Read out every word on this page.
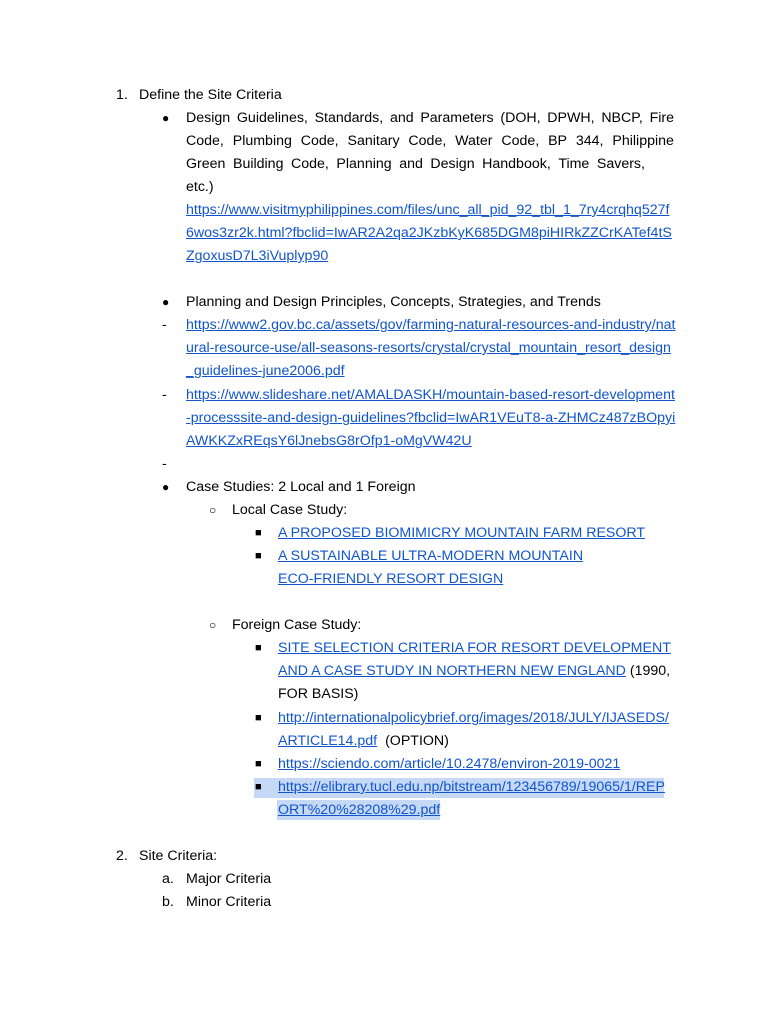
1. Define the Site Criteria
● Design Guidelines, Standards, and Parameters (DOH, DPWH, NBCP, Fire
Code, Plumbing Code, Sanitary Code, Water Code, BP 344, Philippine
Green Building Code, Planning and Design Handbook, Time Savers,
etc.)
https://www.visitmyphilippines.com/files/unc_all_pid_92_tbl_1_7ry4crqhq527f
6wos3zr2k.html?fbclid=IwAR2A2qa2JKzbKyK685DGM8piHIRkZZCrKATef4tS
ZgoxusD7L3iVuplyp90
● Planning and Design Principles, Concepts, Strategies, and Trends
- https://www2.gov.bc.ca/assets/gov/farming-natural-resources-and-industry/nat
ural-resource-use/all-seasons-resorts/crystal/crystal_mountain_resort_design
_guidelines-june2006.pdf
- https://www.slideshare.net/AMALDASKH/mountain-based-resort-development
-processsite-and-design-guidelines?fbclid=IwAR1VEuT8-a-ZHMCz487zBOpyi
AWKKZxREqsY6lJnebsG8rOfp1-oMgVW42U
-
● Case Studies: 2 Local and 1 Foreign
○ Local Case Study:
■ A PROPOSED BIOMIMICRY MOUNTAIN FARM RESORT
■ A SUSTAINABLE ULTRA-MODERN MOUNTAIN
ECO-FRIENDLY RESORT DESIGN
○ Foreign Case Study:
■ SITE SELECTION CRITERIA FOR RESORT DEVELOPMENT
AND A CASE STUDY IN NORTHERN NEW ENGLAND (1990,
FOR BASIS)
■ http://internationalpolicybrief.org/images/2018/JULY/IJASEDS/
ARTICLE14.pdf (OPTION)
■ https://sciendo.com/article/10.2478/environ-2019-0021
■ https://elibrary.tucl.edu.np/bitstream/123456789/19065/1/REP
ORT%20%28208%29.pdf
2. Site Criteria:
a. Major Criteria
b. Minor Criteria
